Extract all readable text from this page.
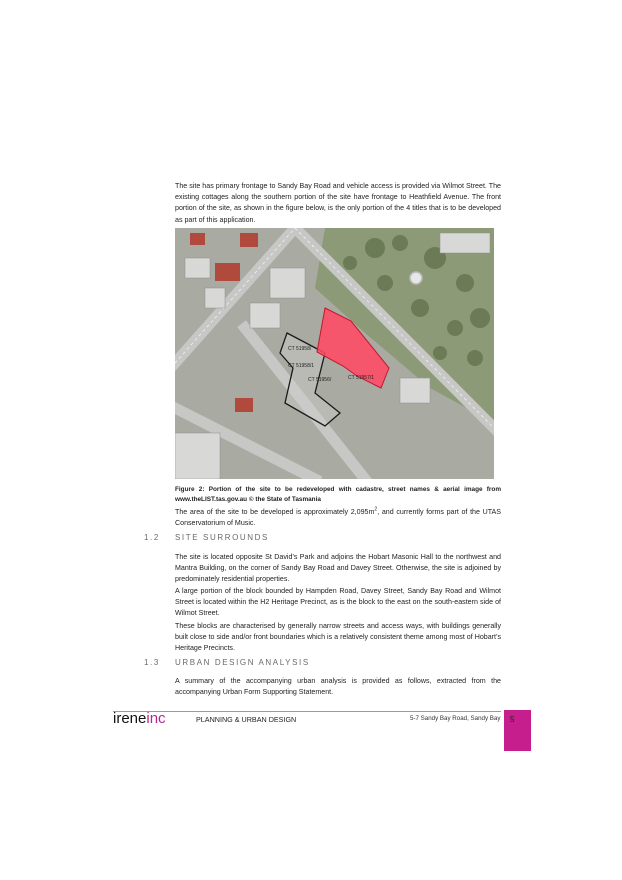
The site has primary frontage to Sandy Bay Road and vehicle access is provided via Wilmot Street. The existing cottages along the southern portion of the site have frontage to Heathfield Avenue. The front portion of the site, as shown in the figure below, is the only portion of the 4 titles that is to be developed as part of this application.
CT 51958/
CT 51958/1
CT 51956/	CT 51957/1
Figure 2: Portion of the site to be redeveloped with cadastre, street names & aerial image from www.theLIST.tas.gov.au © the State of Tasmania
The area of the site to be developed is approximately $2,095m^2$, and currently forms part of the UTAS Conservatorium of Music.
1.2 SITE SURROUNDS
The site is located opposite St David’s Park and adjoins the Hobart Masonic Hall to the northwest and Mantra Building, on the corner of Sandy Bay Road and Davey Street. Otherwise, the site is adjoined by predominately residential properties.
A large portion of the block bounded by Hampden Road, Davey Street, Sandy Bay Road and Wilmot Street is located within the H2 Heritage Precinct, as is the block to the east on the south-eastern side of Wilmot Street.
These blocks are characterised by generally narrow streets and access ways, with buildings generally built close to side and/or front boundaries which is a relatively consistent theme among most of Hobart’s Heritage Precincts.
1.3 URBAN DESIGN ANALYSIS
A summary of the accompanying urban analysis is provided as follows, extracted from the accompanying Urban Form Supporting Statement.
ireneinc	PLANNING & URBAN DESIGN	5-7 Sandy Bay Road, Sandy Bay 5
